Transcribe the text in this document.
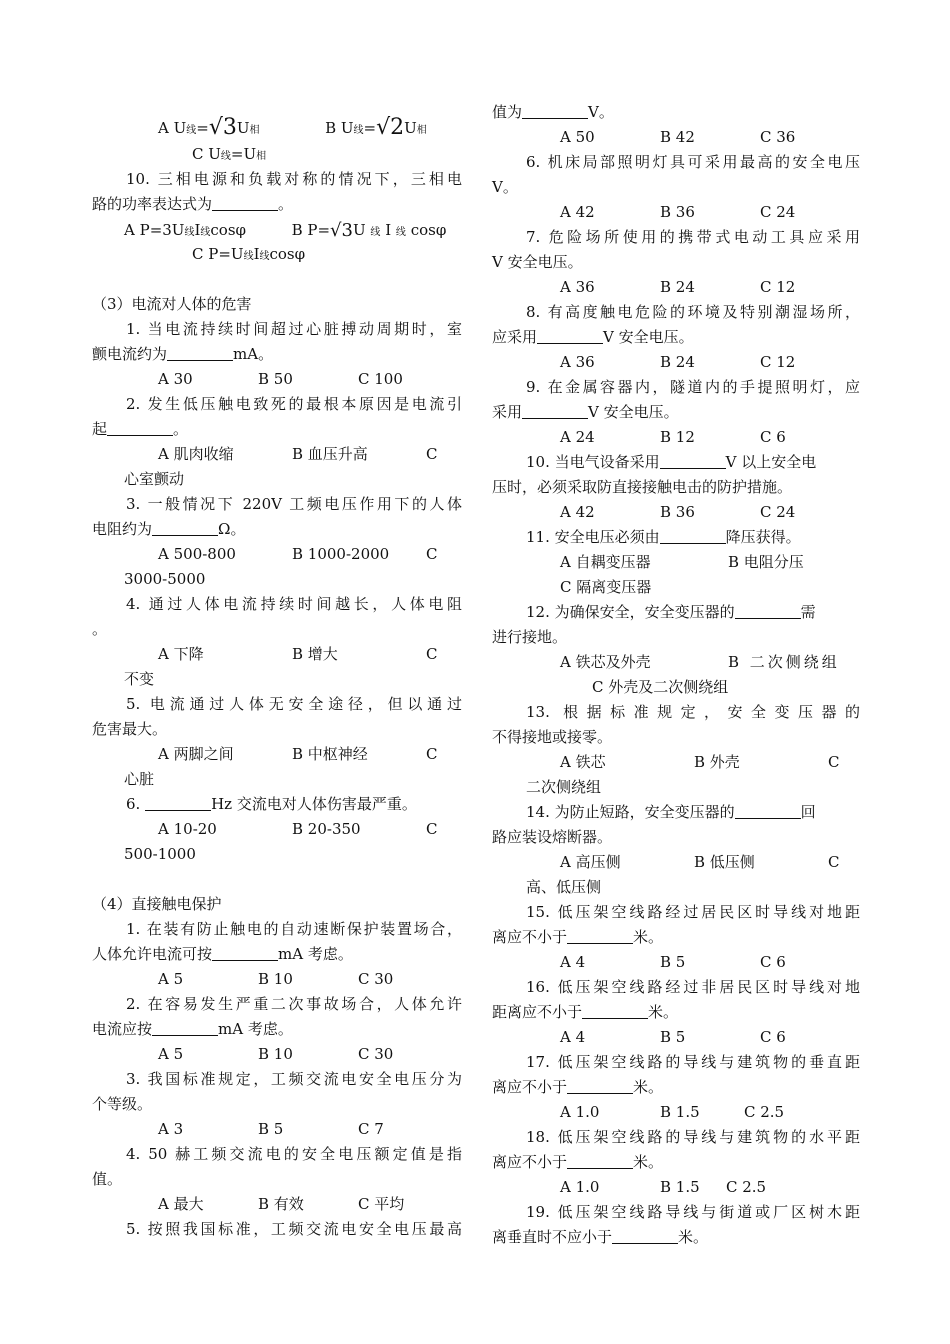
A U线=√3U相	B U线=√2U相
C U线=U相
10. 三相电源和负载对称的情况下，三相电
路的功率表达式为	。
A P=3U线I线cosφ	B P=√3U 线 I 线 cosφ
C P=U线I线cosφ
（3）电流对人体的危害
1. 当电流持续时间超过心脏搏动周期时，室
颤电流约为	mA。
A 30	B 50	C 100
2. 发生低压触电致死的最根本原因是电流引
起	。
A 肌肉收缩	B 血压升高	C
心室颤动
3. 一般情况下 220V 工频电压作用下的人体
电阻约为	Ω。
A 500-800	B 1000-2000 C
3000-5000
4. 通过人体电流持续时间越长，人体电阻
。
A 下降	B 增大	C
不变
5. 电流通过人体无安全途径，但以通过
危害最大。
A 两脚之间	B 中枢神经	C
心脏
6.	Hz 交流电对人体伤害最严重。
A 10-20	B 20-350	C
500-1000
（4）直接触电保护
1. 在装有防止触电的自动速断保护装置场合，
人体允许电流可按	mA 考虑。
A 5	B 10	C 30
2. 在容易发生严重二次事故场合，人体允许
电流应按	mA 考虑。
A 5	B 10	C 30
3. 我国标准规定，工频交流电安全电压分为
个等级。
A 3	B 5	C 7
4. 50 赫工频交流电的安全电压额定值是指
值。
A 最大	B 有效	C 平均
5. 按照我国标准，工频交流电安全电压最高
值为	V。
A 50	B 42	C 36
6. 机床局部照明灯具可采用最高的安全电压
V。
A 42	B 36	C 24
7. 危险场所使用的携带式电动工具应采用
V 安全电压。
A 36	B 24	C 12
8. 有高度触电危险的环境及特别潮湿场所，
应采用	V 安全电压。
A 36	B 24	C 12
9. 在金属容器内，隧道内的手提照明灯，应
采用	V 安全电压。
A 24	B 12	C 6
10. 当电气设备采用	V 以上安全电
压时，必须采取防直接接触电击的防护措施。
A 42	B 36	C 24
11. 安全电压必须由	降压获得。
A 自耦变压器	B 电阻分压
C 隔离变压器
12. 为确保安全，安全变压器的	需
进行接地。
A 铁芯及外壳	B 二次侧绕组
C 外壳及二次侧绕组
13. 根据标准规定，安全变压器的
不得接地或接零。
A 铁芯	B 外壳	C
二次侧绕组
14. 为防止短路，安全变压器的	回
路应装设熔断器。
A 高压侧	B 低压侧	C
高、低压侧
15. 低压架空线路经过居民区时导线对地距
离应不小于	米。
A 4	B 5	C 6
16. 低压架空线路经过非居民区时导线对地
距离应不小于	米。
A 4	B 5	C 6
17. 低压架空线路的导线与建筑物的垂直距
离应不小于	米。
A 1.0	B 1.5	C 2.5
18. 低压架空线路的导线与建筑物的水平距
离应不小于	米。
A 1.0	B 1.5 C 2.5
19. 低压架空线路导线与街道或厂区树木距
离垂直时不应小于	米。
